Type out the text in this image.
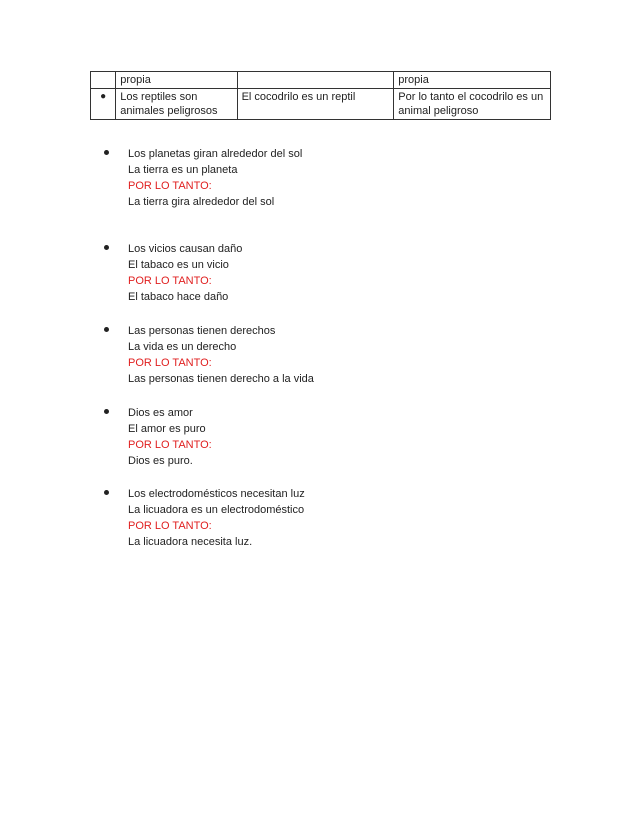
	propia		propia
●	Los reptiles son animales peligrosos	El cocodrilo es un reptil	Por lo tanto el cocodrilo es un animal peligroso
Los planetas giran alrededor del sol
La tierra es un planeta
POR LO TANTO:
La tierra gira alrededor del sol
Los vicios causan daño
El tabaco es un vicio
POR LO TANTO:
El tabaco hace daño
Las personas tienen derechos
La vida es un derecho
POR LO TANTO:
Las personas tienen derecho a la vida
Dios es amor
El amor es puro
POR LO TANTO:
Dios es puro.
Los electrodomésticos necesitan luz
La licuadora es un electrodoméstico
POR LO TANTO:
La licuadora necesita luz.
